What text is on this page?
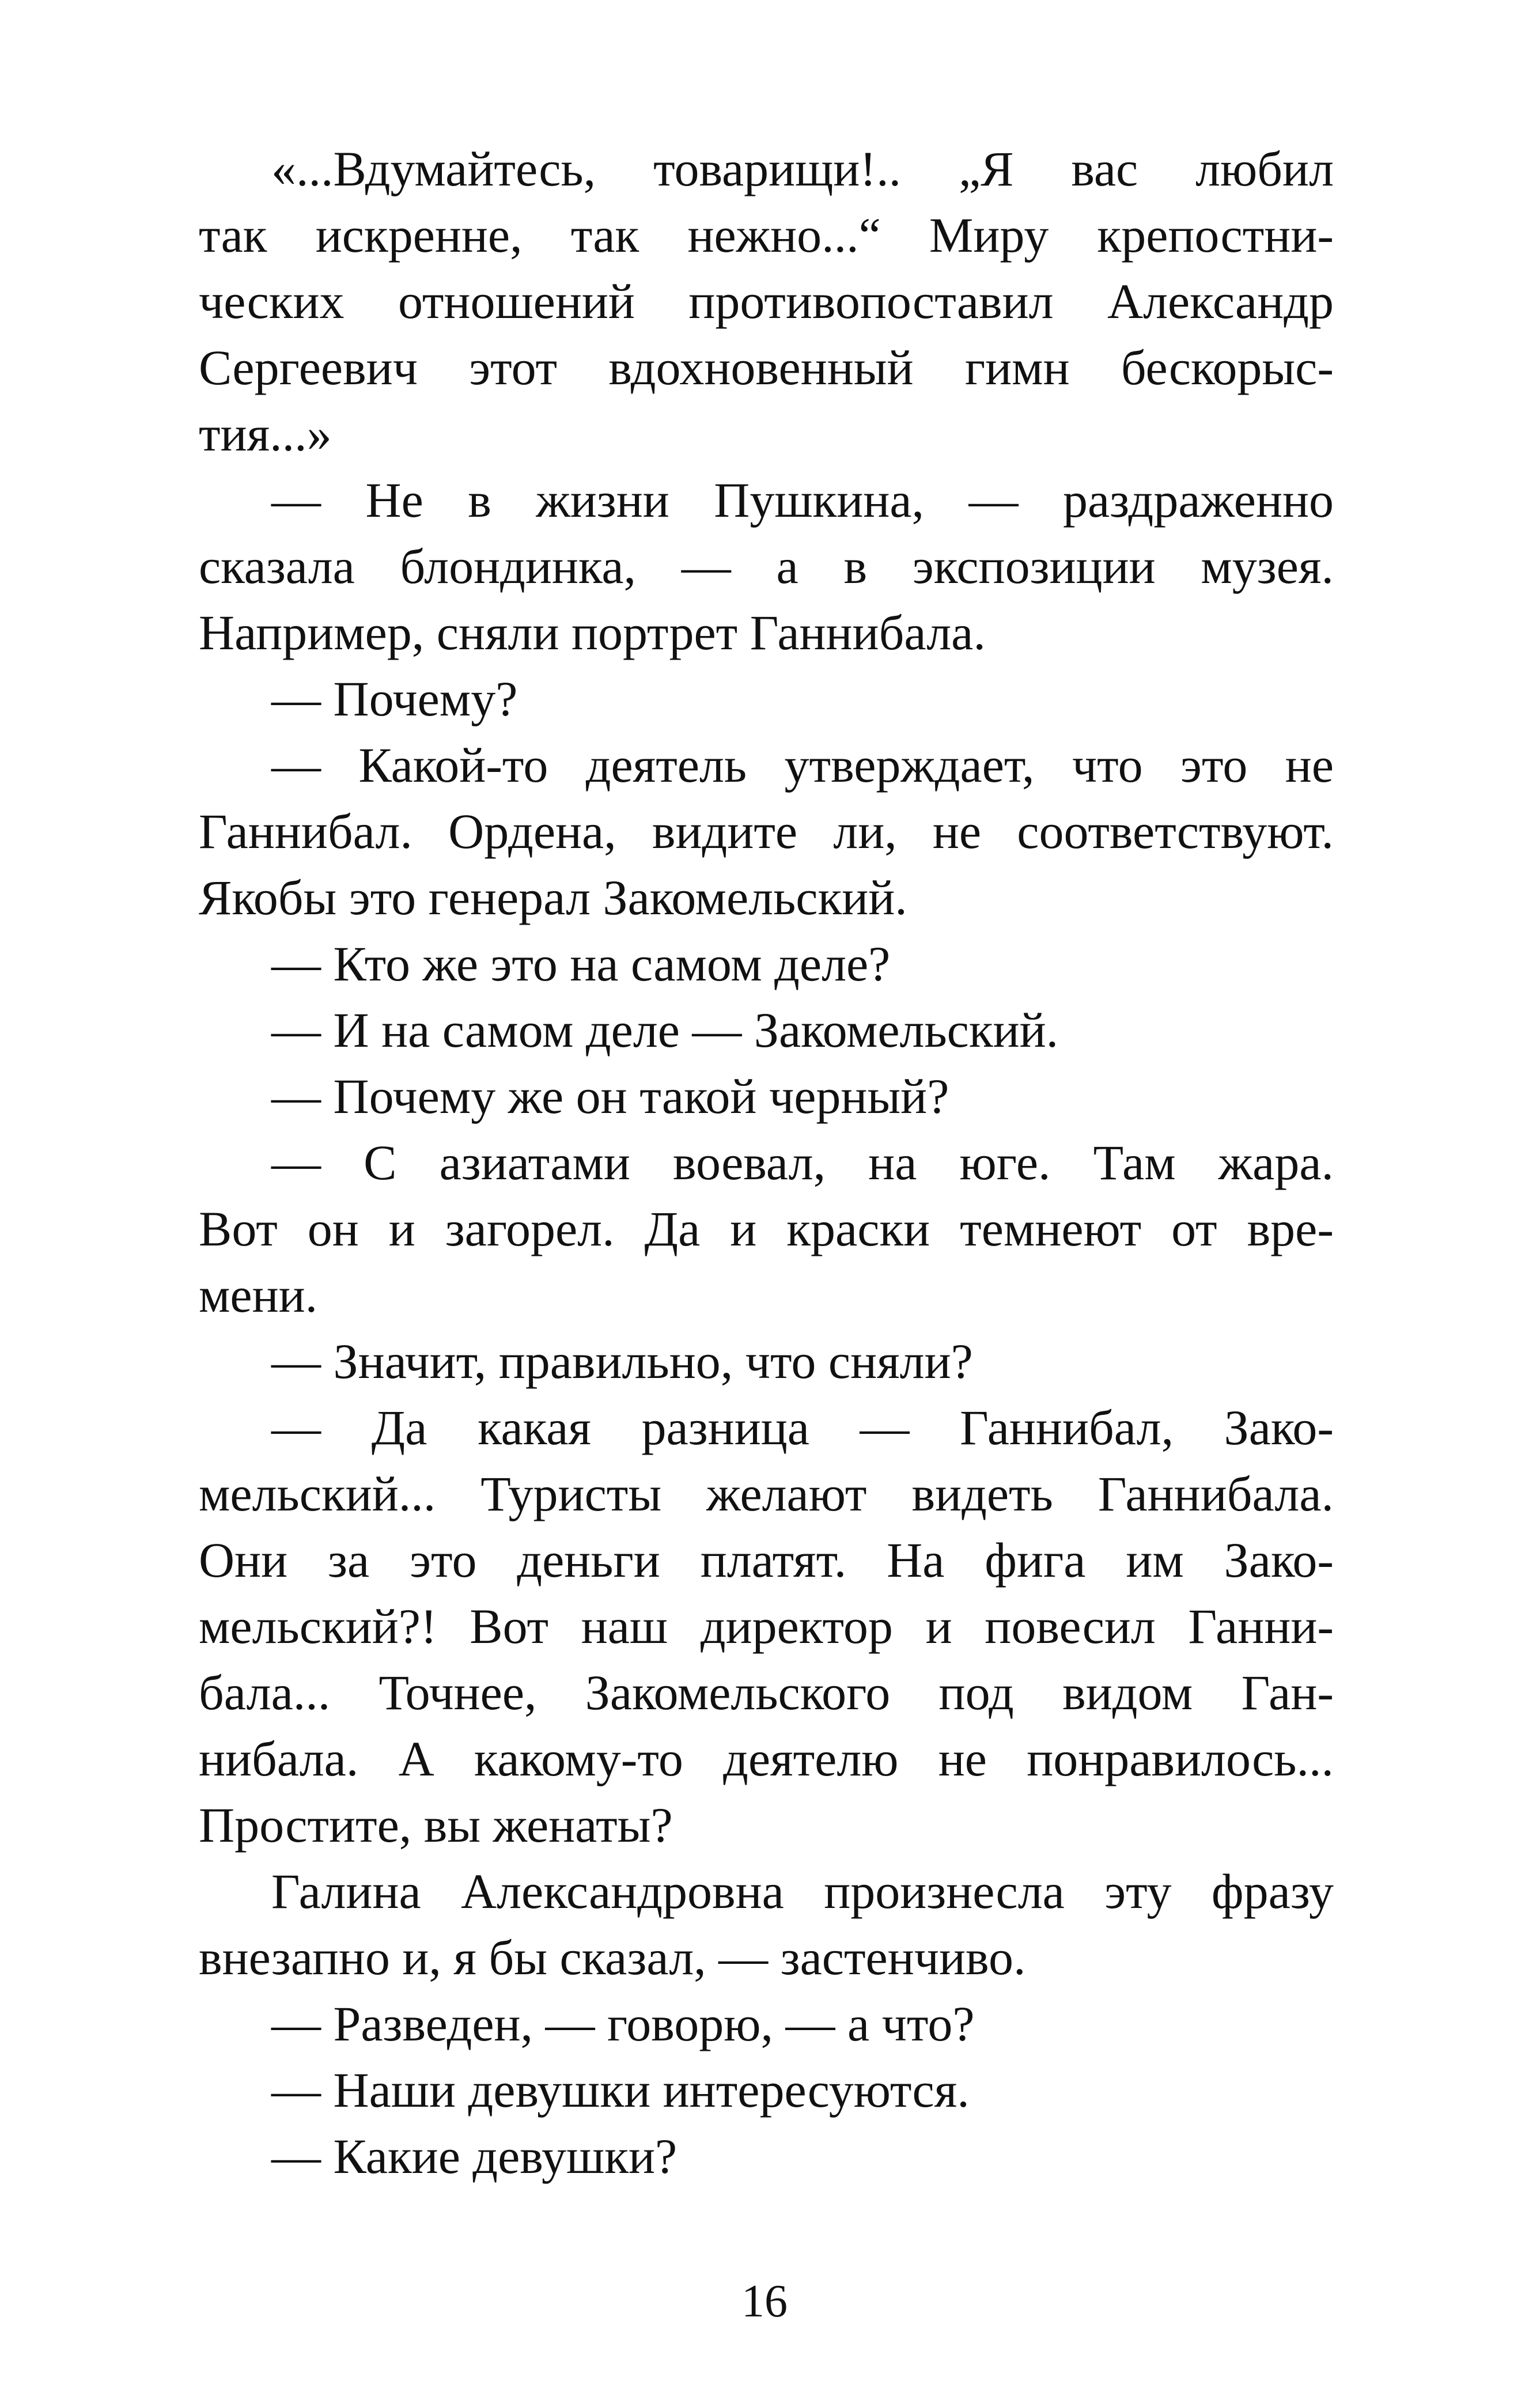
«...Вдумайтесь, товарищи!.. „Я вас любил
так искренне, так нежно...“ Миру крепостни-
ческих отношений противопоставил Александр
Сергеевич этот вдохновенный гимн бескорыс-
тия...»
— Не в жизни Пушкина, — раздраженно
сказала блондинка, — а в экспозиции музея.
Например, сняли портрет Ганнибала.
— Почему?
— Какой-то деятель утверждает, что это не
Ганнибал. Ордена, видите ли, не соответствуют.
Якобы это генерал Закомельский.
— Кто же это на самом деле?
— И на самом деле — Закомельский.
— Почему же он такой черный?
— С азиатами воевал, на юге. Там жара.
Вот он и загорел. Да и краски темнеют от вре-
мени.
— Значит, правильно, что сняли?
— Да какая разница — Ганнибал, Зако-
мельский... Туристы желают видеть Ганнибала.
Они за это деньги платят. На фига им Зако-
мельский?! Вот наш директор и повесил Ганни-
бала... Точнее, Закомельского под видом Ган-
нибала. А какому-то деятелю не понравилось...
Простите, вы женаты?
Галина Александровна произнесла эту фразу
внезапно и, я бы сказал, — застенчиво.
— Разведен, — говорю, — а что?
— Наши девушки интересуются.
— Какие девушки?
16
